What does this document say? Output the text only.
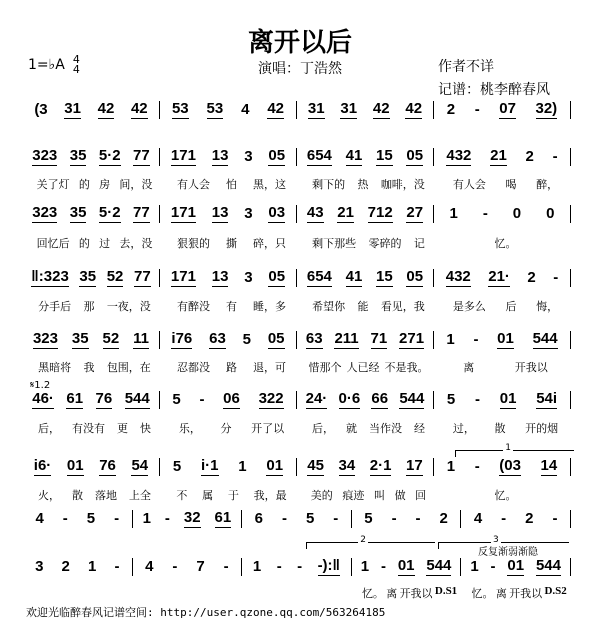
离开以后
1=♭A 4
4	演唱：丁浩然	作者不详
记谱：桃李醉春风
𝄋1.2
1
2	3
反复渐弱渐隐
(3 31 42 42 53 53 4 42 31 31 42 42 2 - 07 32)
323 35 5·2 77 171 13 3 05 654 41 15 05 432 21 2 -
关了灯 的 房 间，没 有人会 怕 黑，这 剩下的 热 咖啡，没	有人会 喝 醉，
323 35 5·2 77 171 13 3 03 43 21 712 27 1 - 0 0
回忆后 的 过 去，没 狠狠的 撕 碎，只 剩下那些 零碎的 记	忆。
‖:323 35 52 77 171 13 3 05 654 41 15 05 432 21· 2 -
分手后 那 一夜，没 有醉没 有 睡，多 希望你 能 看见，我	是多么 后 悔，
323 35 52 11 i76 63 5 05 63 211 71 271 1 - 01 544
黑暗将 我 包围，在 忍都没 路 退，可 惜那个 人已经 不是我。	离	开我以
46· 61 76 544 5 - 06 322 24· 0·6 66 544 5 - 01 54i
后， 有没有 更 快	乐， 分 开了以	后， 就 当作没 经	过， 散 开的烟
i6· 01 76 54 5 i·1 1 01 45 34 2·1 17 1 - (03 14
火， 散 落地 上全 不 属 于 我，最 美的 痕迹 叫 做 回	忆。
4 - 5 - 1 - 32 61 6 - 5 - 5 - - 2 4 - 2 -
3 2 1 - 4 - 7 - 1 - - -):‖ 1 - 01 544 1 - 01 544
忆。 离 开我以 D.S1 忆。 离 开我以 D.S2
欢迎光临醉春风记谱空间: http://user.qzone.qq.com/563264185
